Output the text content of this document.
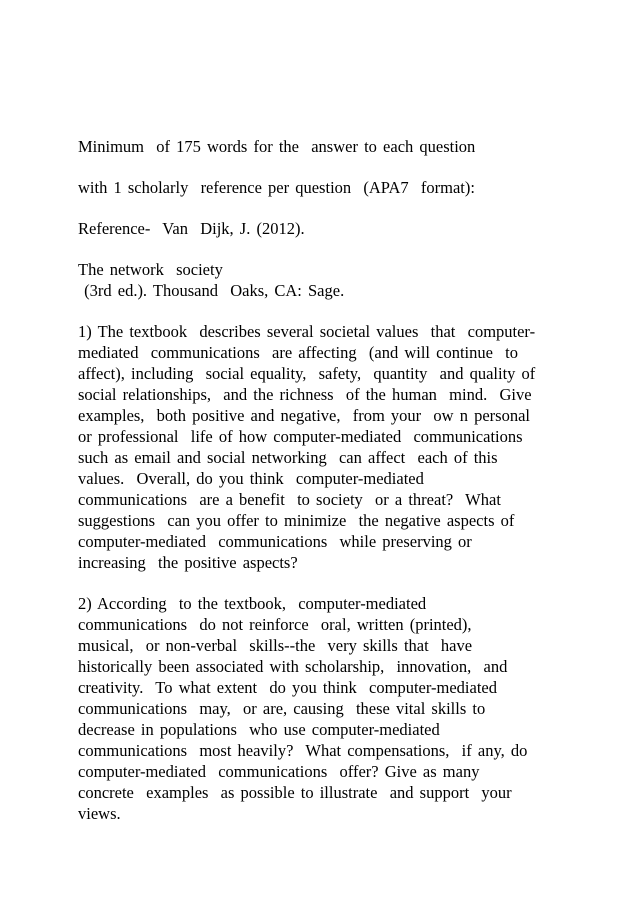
Minimum  of 175 words for the  answer to each question

with 1 scholarly  reference per question  (APA7  format):

Reference-  Van  Dijk, J. (2012).

The network  society

(3rd ed.). Thousand  Oaks, CA: Sage.

1) The textbook  describes several societal values  that  computer-

mediated  communications  are affecting  (and will continue  to

affect), including  social equality,  safety,  quantity  and quality of

social relationships,  and the richness  of the human  mind.  Give

examples,  both positive and negative,  from your  ow n personal

or professional  life of how computer-mediated  communications

such as email and social networking  can affect  each of this

values.  Overall, do you think  computer-mediated

communications  are a benefit  to society  or a threat?  What

suggestions  can you offer to minimize  the negative aspects of

computer-mediated  communications  while preserving or

increasing  the positive aspects?

2) According  to the textbook,  computer-mediated

communications  do not reinforce  oral, written (printed),

musical,  or non-verbal  skills--the  very skills that  have

historically been associated with scholarship,  innovation,  and

creativity.  To what extent  do you think  computer-mediated

communications  may,  or are, causing  these vital skills to

decrease in populations  who use computer-mediated

communications  most heavily?  What compensations,  if any, do

computer-mediated  communications  offer? Give as many

concrete  examples  as possible to illustrate  and support  your

views.
